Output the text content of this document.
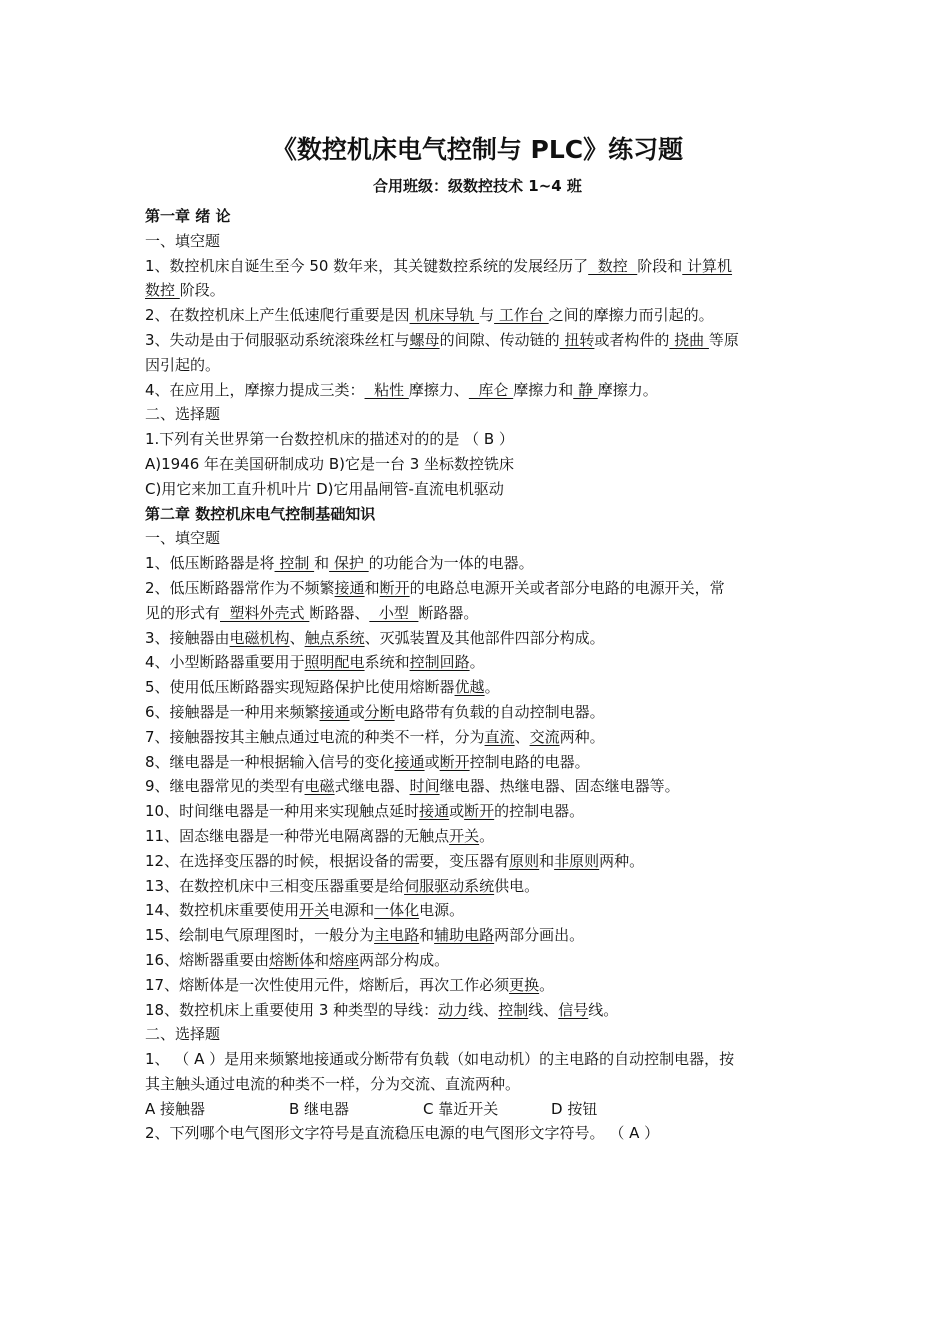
《数控机床电气控制与 PLC》练习题

合用班级：级数控技术 1~4 班

第一章 绪 论

一、填空题

1、数控机床自诞生至今 50 数年来，其关键数控系统的发展经历了  数控  阶段和 计算机

数控 阶段。

2、在数控机床上产生低速爬行重要是因 机床导轨 与 工作台 之间的摩擦力而引起的。

3、失动是由于伺服驱动系统滚珠丝杠与螺母的间隙、传动链的 扭转或者构件的 挠曲 等原

因引起的。

4、在应用上，摩擦力提成三类：  粘性 摩擦力、  库仑 摩擦力和 静 摩擦力。

二、选择题

1.下列有关世界第一台数控机床的描述对的的是 （ B ）

A)1946 年在美国研制成功 B)它是一台 3 坐标数控铣床

C)用它来加工直升机叶片 D)它用晶闸管-直流电机驱动

第二章 数控机床电气控制基础知识

一、填空题

1、低压断路器是将 控制 和 保护 的功能合为一体的电器。

2、低压断路器常作为不频繁接通和断开的电路总电源开关或者部分电路的电源开关，常

见的形式有  塑料外壳式 断路器、  小型  断路器。

3、接触器由电磁机构、触点系统、灭弧装置及其他部件四部分构成。

4、小型断路器重要用于照明配电系统和控制回路。

5、使用低压断路器实现短路保护比使用熔断器优越。

6、接触器是一种用来频繁接通或分断电路带有负载的自动控制电器。

7、接触器按其主触点通过电流的种类不一样，分为直流、交流两种。

8、继电器是一种根据输入信号的变化接通或断开控制电路的电器。

9、继电器常见的类型有电磁式继电器、时间继电器、热继电器、固态继电器等。

10、时间继电器是一种用来实现触点延时接通或断开的控制电器。

11、固态继电器是一种带光电隔离器的无触点开关。

12、在选择变压器的时候，根据设备的需要，变压器有原则和非原则两种。

13、在数控机床中三相变压器重要是给伺服驱动系统供电。

14、数控机床重要使用开关电源和一体化电源。

15、绘制电气原理图时，一般分为主电路和辅助电路两部分画出。

16、熔断器重要由熔断体和熔座两部分构成。

17、熔断体是一次性使用元件，熔断后，再次工作必须更换。

18、数控机床上重要使用 3 种类型的导线：动力线、控制线、信号线。

二、选择题

1、 （ A ）是用来频繁地接通或分断带有负载（如电动机）的主电路的自动控制电器，按

其主触头通过电流的种类不一样，分为交流、直流两种。

A 接触器	B 继电器	C 靠近开关	D 按钮

2、下列哪个电气图形文字符号是直流稳压电源的电气图形文字符号。 （ A ）
